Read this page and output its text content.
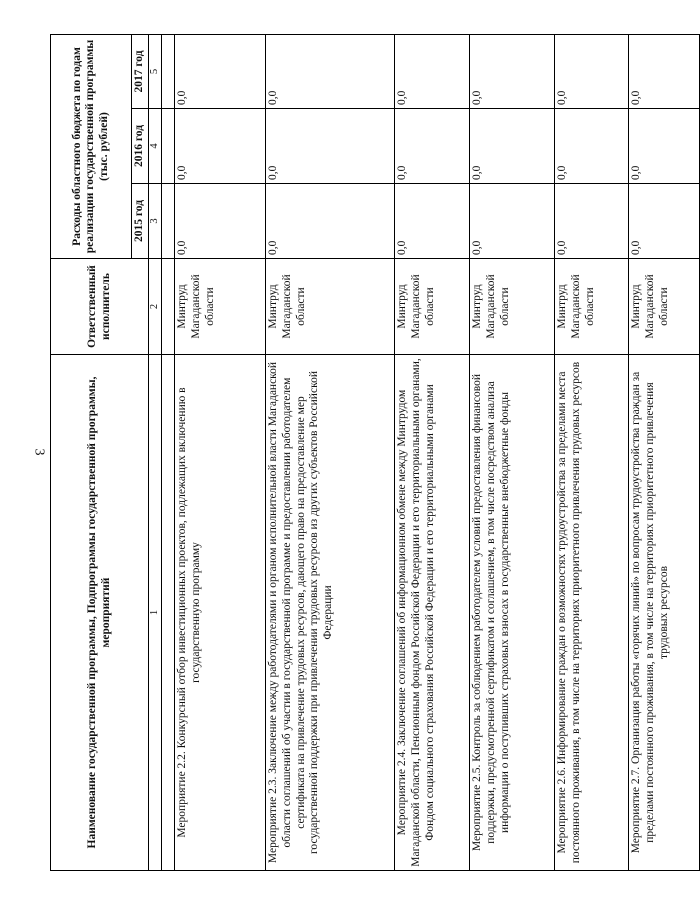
3	Наименование государственной программы, Подпрограммы государственной программы, мероприятий	Ответственный исполнитель	Расходы областного бюджета по годам реализации государственной программы (тыс. рублей)		
		2015 год	2016 год	2017 год
1	2	3	4	5

Мероприятие 2.2. Конкурсный отбор инвестиционных проектов, подлежащих включению в государственную программу	Минтруд Магаданской области	0,0	0,0	0,0
Мероприятие 2.3. Заключение между работодателями и органом исполнительной власти Магаданской области соглашений об участии в государственной программе и предоставлении работодателем сертификата на привлечение трудовых ресурсов, дающего право на предоставление мер государственной поддержки при привлечении трудовых ресурсов из других субъектов Российской Федерации	Минтруд Магаданской области	0,0	0,0	0,0
Мероприятие 2.4. Заключение соглашений об информационном обмене между Минтрудом Магаданской области, Пенсионным фондом Российской Федерации и его территориальными органами, Фондом социального страхования Российской Федерации и его территориальными органами	Минтруд Магаданской области	0,0	0,0	0,0
Мероприятие 2.5. Контроль за соблюдением работодателем условий предоставления финансовой поддержки, предусмотренной сертификатом и соглашением, в том числе посредством анализа информации о поступивших страховых взносах в государственные внебюджетные фонды	Минтруд Магаданской области	0,0	0,0	0,0
Мероприятие 2.6. Информирование граждан о возможностях трудоустройства за пределами места постоянного проживания, в том числе на территориях приоритетного привлечения трудовых ресурсов	Минтруд Магаданской области	0,0	0,0	0,0
Мероприятие 2.7. Организация работы «горячих линий» по вопросам трудоустройства граждан за пределами постоянного проживания, в том числе на территориях приоритетного привлечения трудовых ресурсов	Минтруд Магаданской области	0,0	0,0	0,0
